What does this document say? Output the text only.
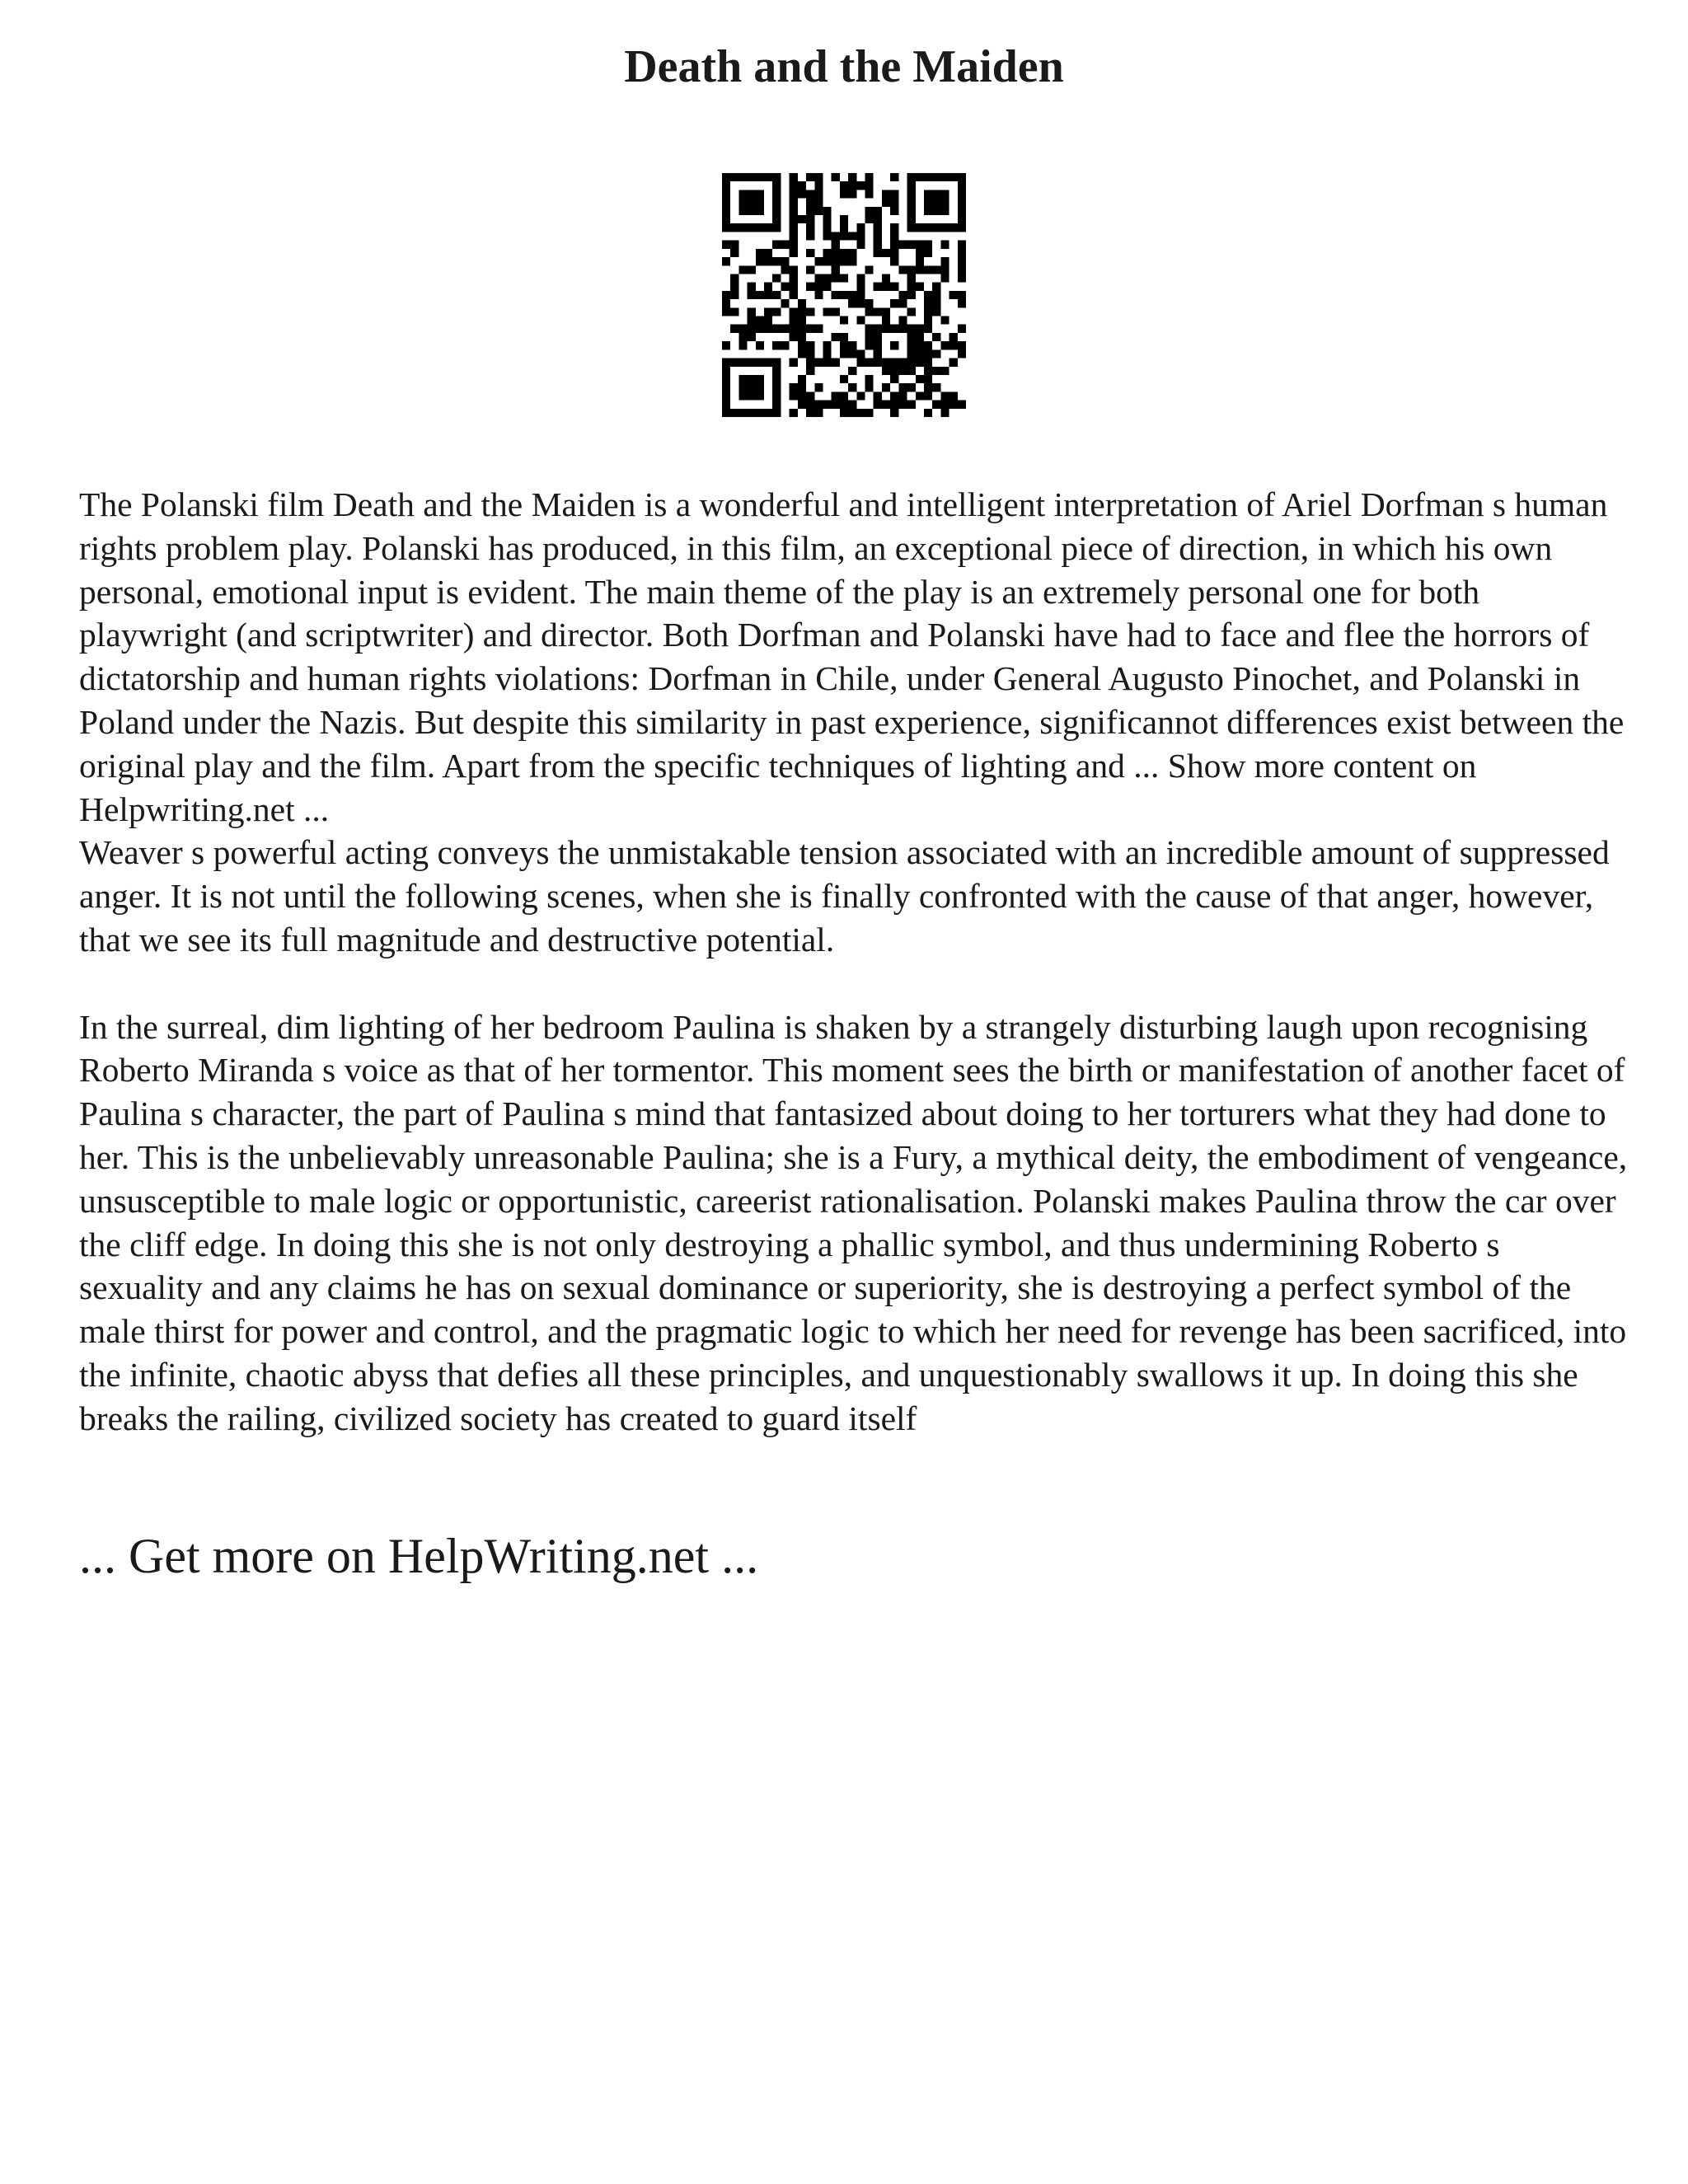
Death and the Maiden

The Polanski film Death and the Maiden is a wonderful and intelligent interpretation of Ariel Dorfman s human rights problem play. Polanski has produced, in this film, an exceptional piece of direction, in which his own personal, emotional input is evident. The main theme of the play is an extremely personal one for both playwright (and scriptwriter) and director. Both Dorfman and Polanski have had to face and flee the horrors of dictatorship and human rights violations: Dorfman in Chile, under General Augusto Pinochet, and Polanski in Poland under the Nazis. But despite this similarity in past experience, significannot differences exist between the original play and the film. Apart from the specific techniques of lighting and ... Show more content on Helpwriting.net ...

Weaver s powerful acting conveys the unmistakable tension associated with an incredible amount of suppressed anger. It is not until the following scenes, when she is finally confronted with the cause of that anger, however, that we see its full magnitude and destructive potential.

In the surreal, dim lighting of her bedroom Paulina is shaken by a strangely disturbing laugh upon recognising Roberto Miranda s voice as that of her tormentor. This moment sees the birth or manifestation of another facet of Paulina s character, the part of Paulina s mind that fantasized about doing to her torturers what they had done to her. This is the unbelievably unreasonable Paulina; she is a Fury, a mythical deity, the embodiment of vengeance, unsusceptible to male logic or opportunistic, careerist rationalisation. Polanski makes Paulina throw the car over the cliff edge. In doing this she is not only destroying a phallic symbol, and thus undermining Roberto s sexuality and any claims he has on sexual dominance or superiority, she is destroying a perfect symbol of the male thirst for power and control, and the pragmatic logic to which her need for revenge has been sacrificed, into the infinite, chaotic abyss that defies all these principles, and unquestionably swallows it up. In doing this she breaks the railing, civilized society has created to guard itself

... Get more on HelpWriting.net ...
